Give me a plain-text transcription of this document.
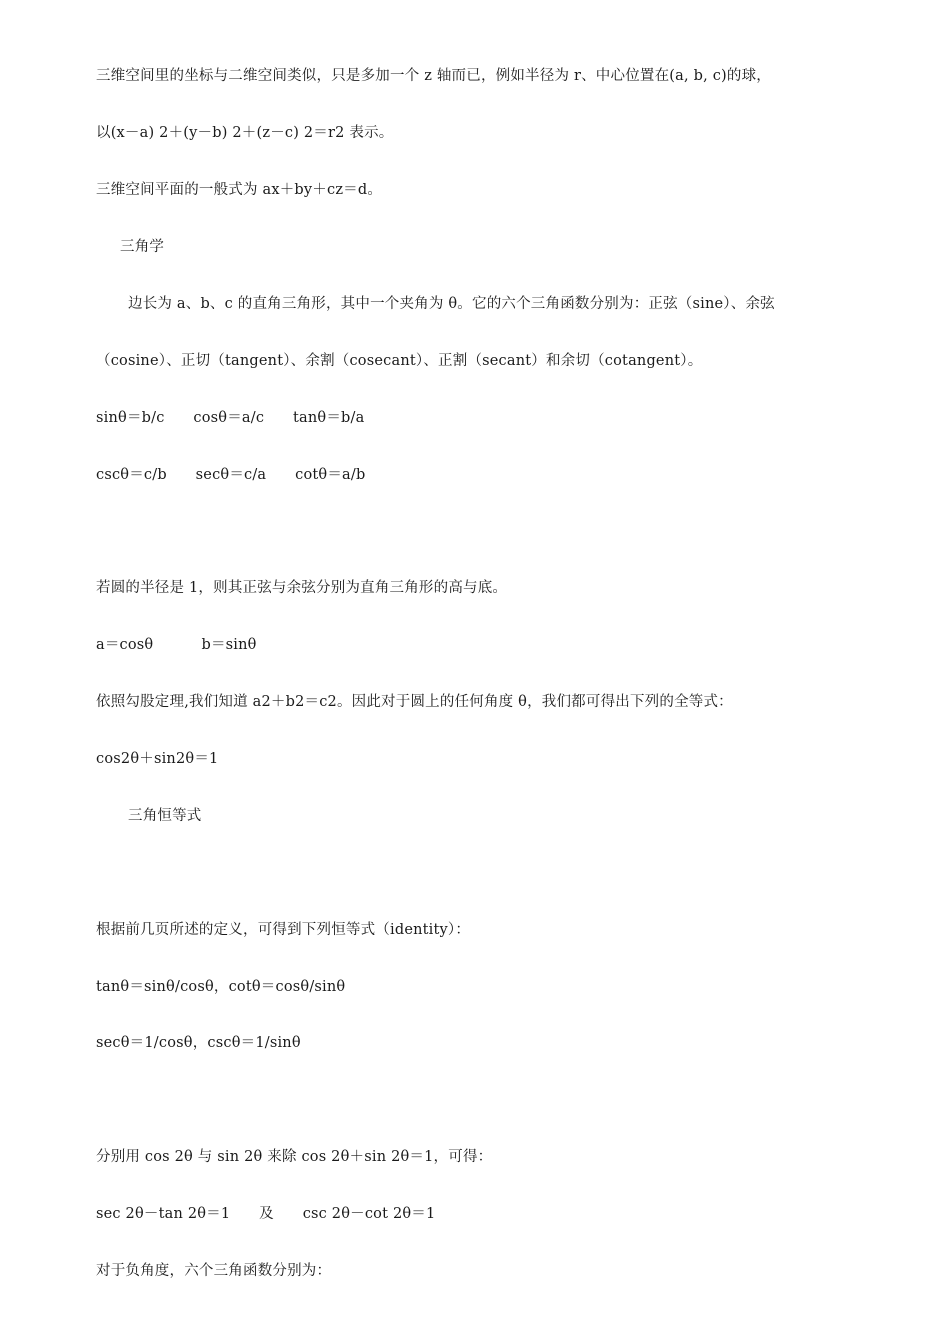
三维空间里的坐标与二维空间类似，只是多加一个 z 轴而已，例如半径为 r、中心位置在(a, b, c)的球，
以(x－a) 2＋(y－b) 2＋(z－c) 2＝r2 表示。
三维空间平面的一般式为 ax＋by＋cz＝d。
三角学
边长为 a、b、c 的直角三角形，其中一个夹角为 θ。它的六个三角函数分别为：正弦（sine）、余弦
（cosine）、正切（tangent）、余割（cosecant）、正割（secant）和余切（cotangent）。
sinθ＝b/c      cosθ＝a/c      tanθ＝b/a
cscθ＝c/b      secθ＝c/a      cotθ＝a/b
若圆的半径是 1，则其正弦与余弦分别为直角三角形的高与底。
a＝cosθ          b＝sinθ
依照勾股定理,我们知道 a2＋b2＝c2。因此对于圆上的任何角度 θ，我们都可得出下列的全等式：
cos2θ＋sin2θ＝1
三角恒等式
根据前几页所述的定义，可得到下列恒等式（identity）：
tanθ＝sinθ/cosθ，cotθ＝cosθ/sinθ
secθ＝1/cosθ，cscθ＝1/sinθ
分别用 cos 2θ 与 sin 2θ 来除 cos 2θ＋sin 2θ＝1，可得：
sec 2θ－tan 2θ＝1      及      csc 2θ－cot 2θ＝1
对于负角度，六个三角函数分别为：
